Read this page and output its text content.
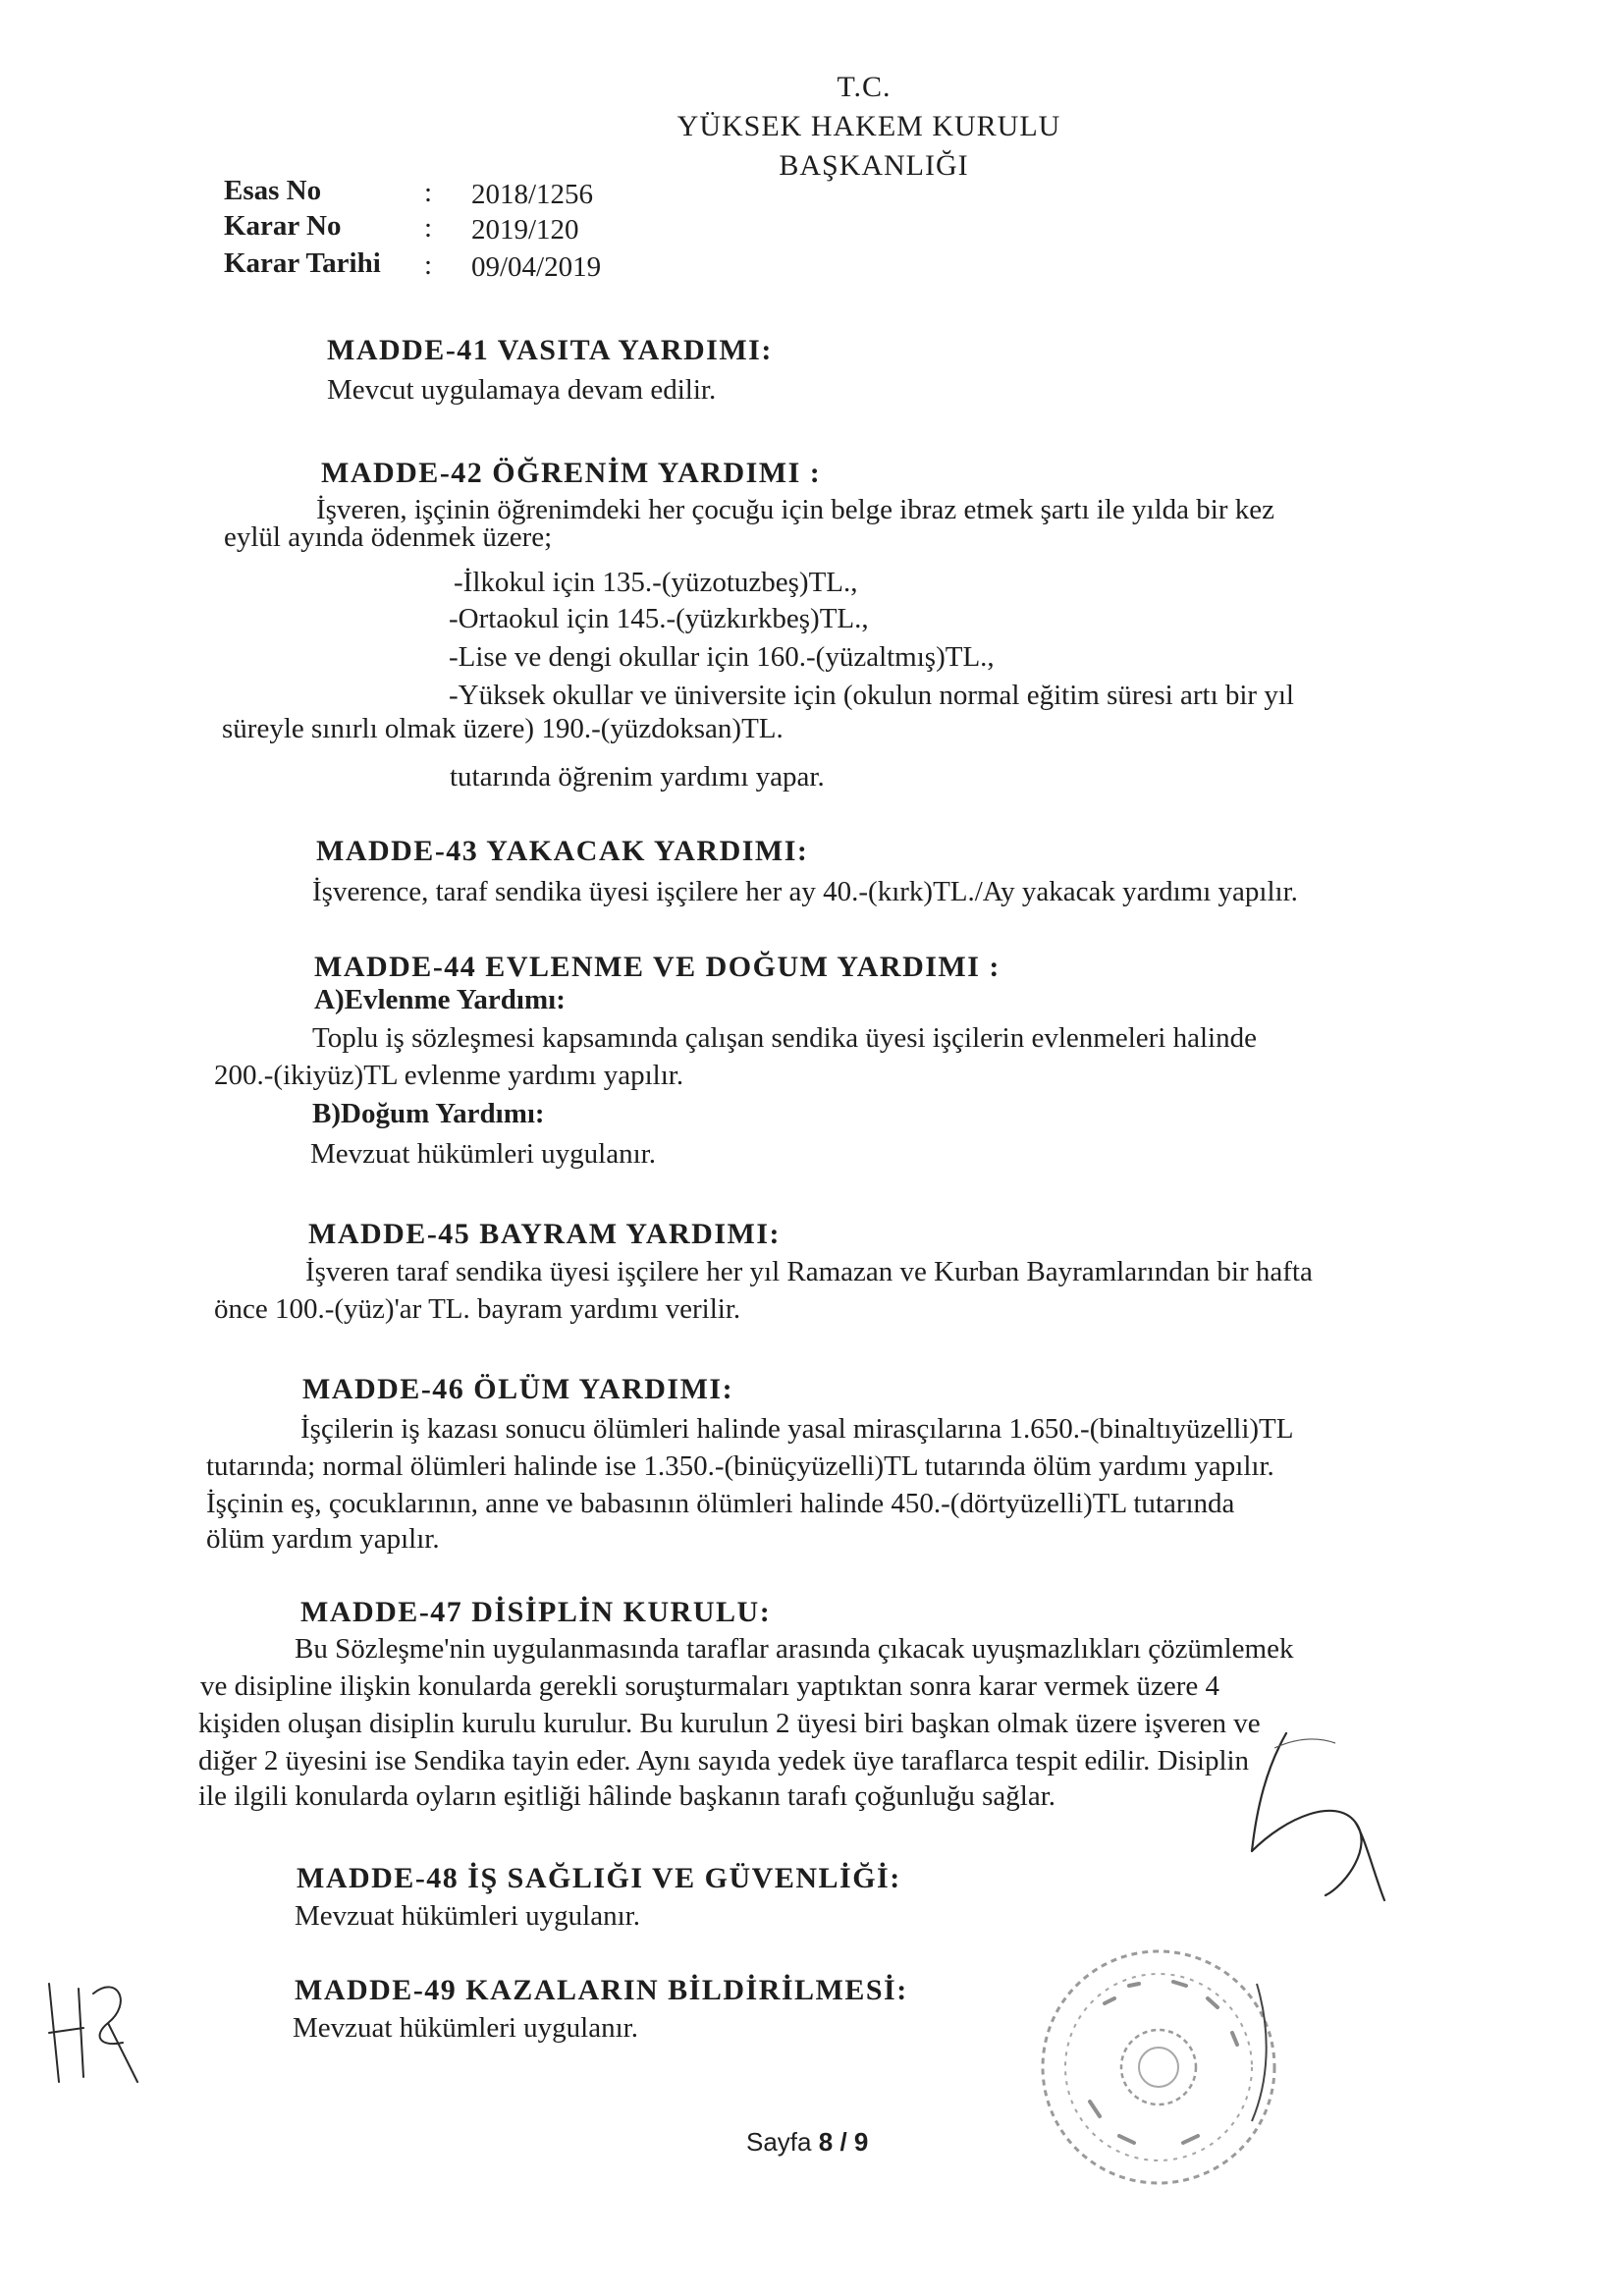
T.C.
YÜKSEK HAKEM KURULU
BAŞKANLIĞI
Esas No	: 2018/1256
Karar No	: 2019/120
Karar Tarihi : 09/04/2019
MADDE-41 VASITA YARDIMI:
Mevcut uygulamaya devam edilir.
MADDE-42 ÖĞRENİM YARDIMI :
İşveren, işçinin öğrenimdeki her çocuğu için belge ibraz etmek şartı ile yılda bir kez
eylül ayında ödenmek üzere;
-İlkokul için 135.-(yüzotuzbeş)TL.,
-Ortaokul için 145.-(yüzkırkbeş)TL.,
-Lise ve dengi okullar için 160.-(yüzaltmış)TL.,
-Yüksek okullar ve üniversite için (okulun normal eğitim süresi artı bir yıl
süreyle sınırlı olmak üzere) 190.-(yüzdoksan)TL.
tutarında öğrenim yardımı yapar.
MADDE-43 YAKACAK YARDIMI:
İşverence, taraf sendika üyesi işçilere her ay 40.-(kırk)TL./Ay yakacak yardımı yapılır.
MADDE-44 EVLENME VE DOĞUM YARDIMI :
A)Evlenme Yardımı:
Toplu iş sözleşmesi kapsamında çalışan sendika üyesi işçilerin evlenmeleri halinde
200.-(ikiyüz)TL evlenme yardımı yapılır.
B)Doğum Yardımı:
Mevzuat hükümleri uygulanır.
MADDE-45 BAYRAM YARDIMI:
İşveren taraf sendika üyesi işçilere her yıl Ramazan ve Kurban Bayramlarından bir hafta
önce 100.-(yüz)'ar TL. bayram yardımı verilir.
MADDE-46 ÖLÜM YARDIMI:
İşçilerin iş kazası sonucu ölümleri halinde yasal mirasçılarına 1.650.-(binaltıyüzelli)TL
tutarında; normal ölümleri halinde ise 1.350.-(binüçyüzelli)TL tutarında ölüm yardımı yapılır.
İşçinin eş, çocuklarının, anne ve babasının ölümleri halinde 450.-(dörtyüzelli)TL tutarında
ölüm yardım yapılır.
MADDE-47 DİSİPLİN KURULU:
Bu Sözleşme'nin uygulanmasında taraflar arasında çıkacak uyuşmazlıkları çözümlemek
ve disipline ilişkin konularda gerekli soruşturmaları yaptıktan sonra karar vermek üzere 4
kişiden oluşan disiplin kurulu kurulur. Bu kurulun 2 üyesi biri başkan olmak üzere işveren ve
diğer 2 üyesini ise Sendika tayin eder. Aynı sayıda yedek üye taraflarca tespit edilir. Disiplin
ile ilgili konularda oyların eşitliği hâlinde başkanın tarafı çoğunluğu sağlar.
MADDE-48 İŞ SAĞLIĞI VE GÜVENLİĞİ:
Mevzuat hükümleri uygulanır.
MADDE-49 KAZALARIN BİLDİRİLMESİ:
Mevzuat hükümleri uygulanır.
Sayfa 8 / 9
